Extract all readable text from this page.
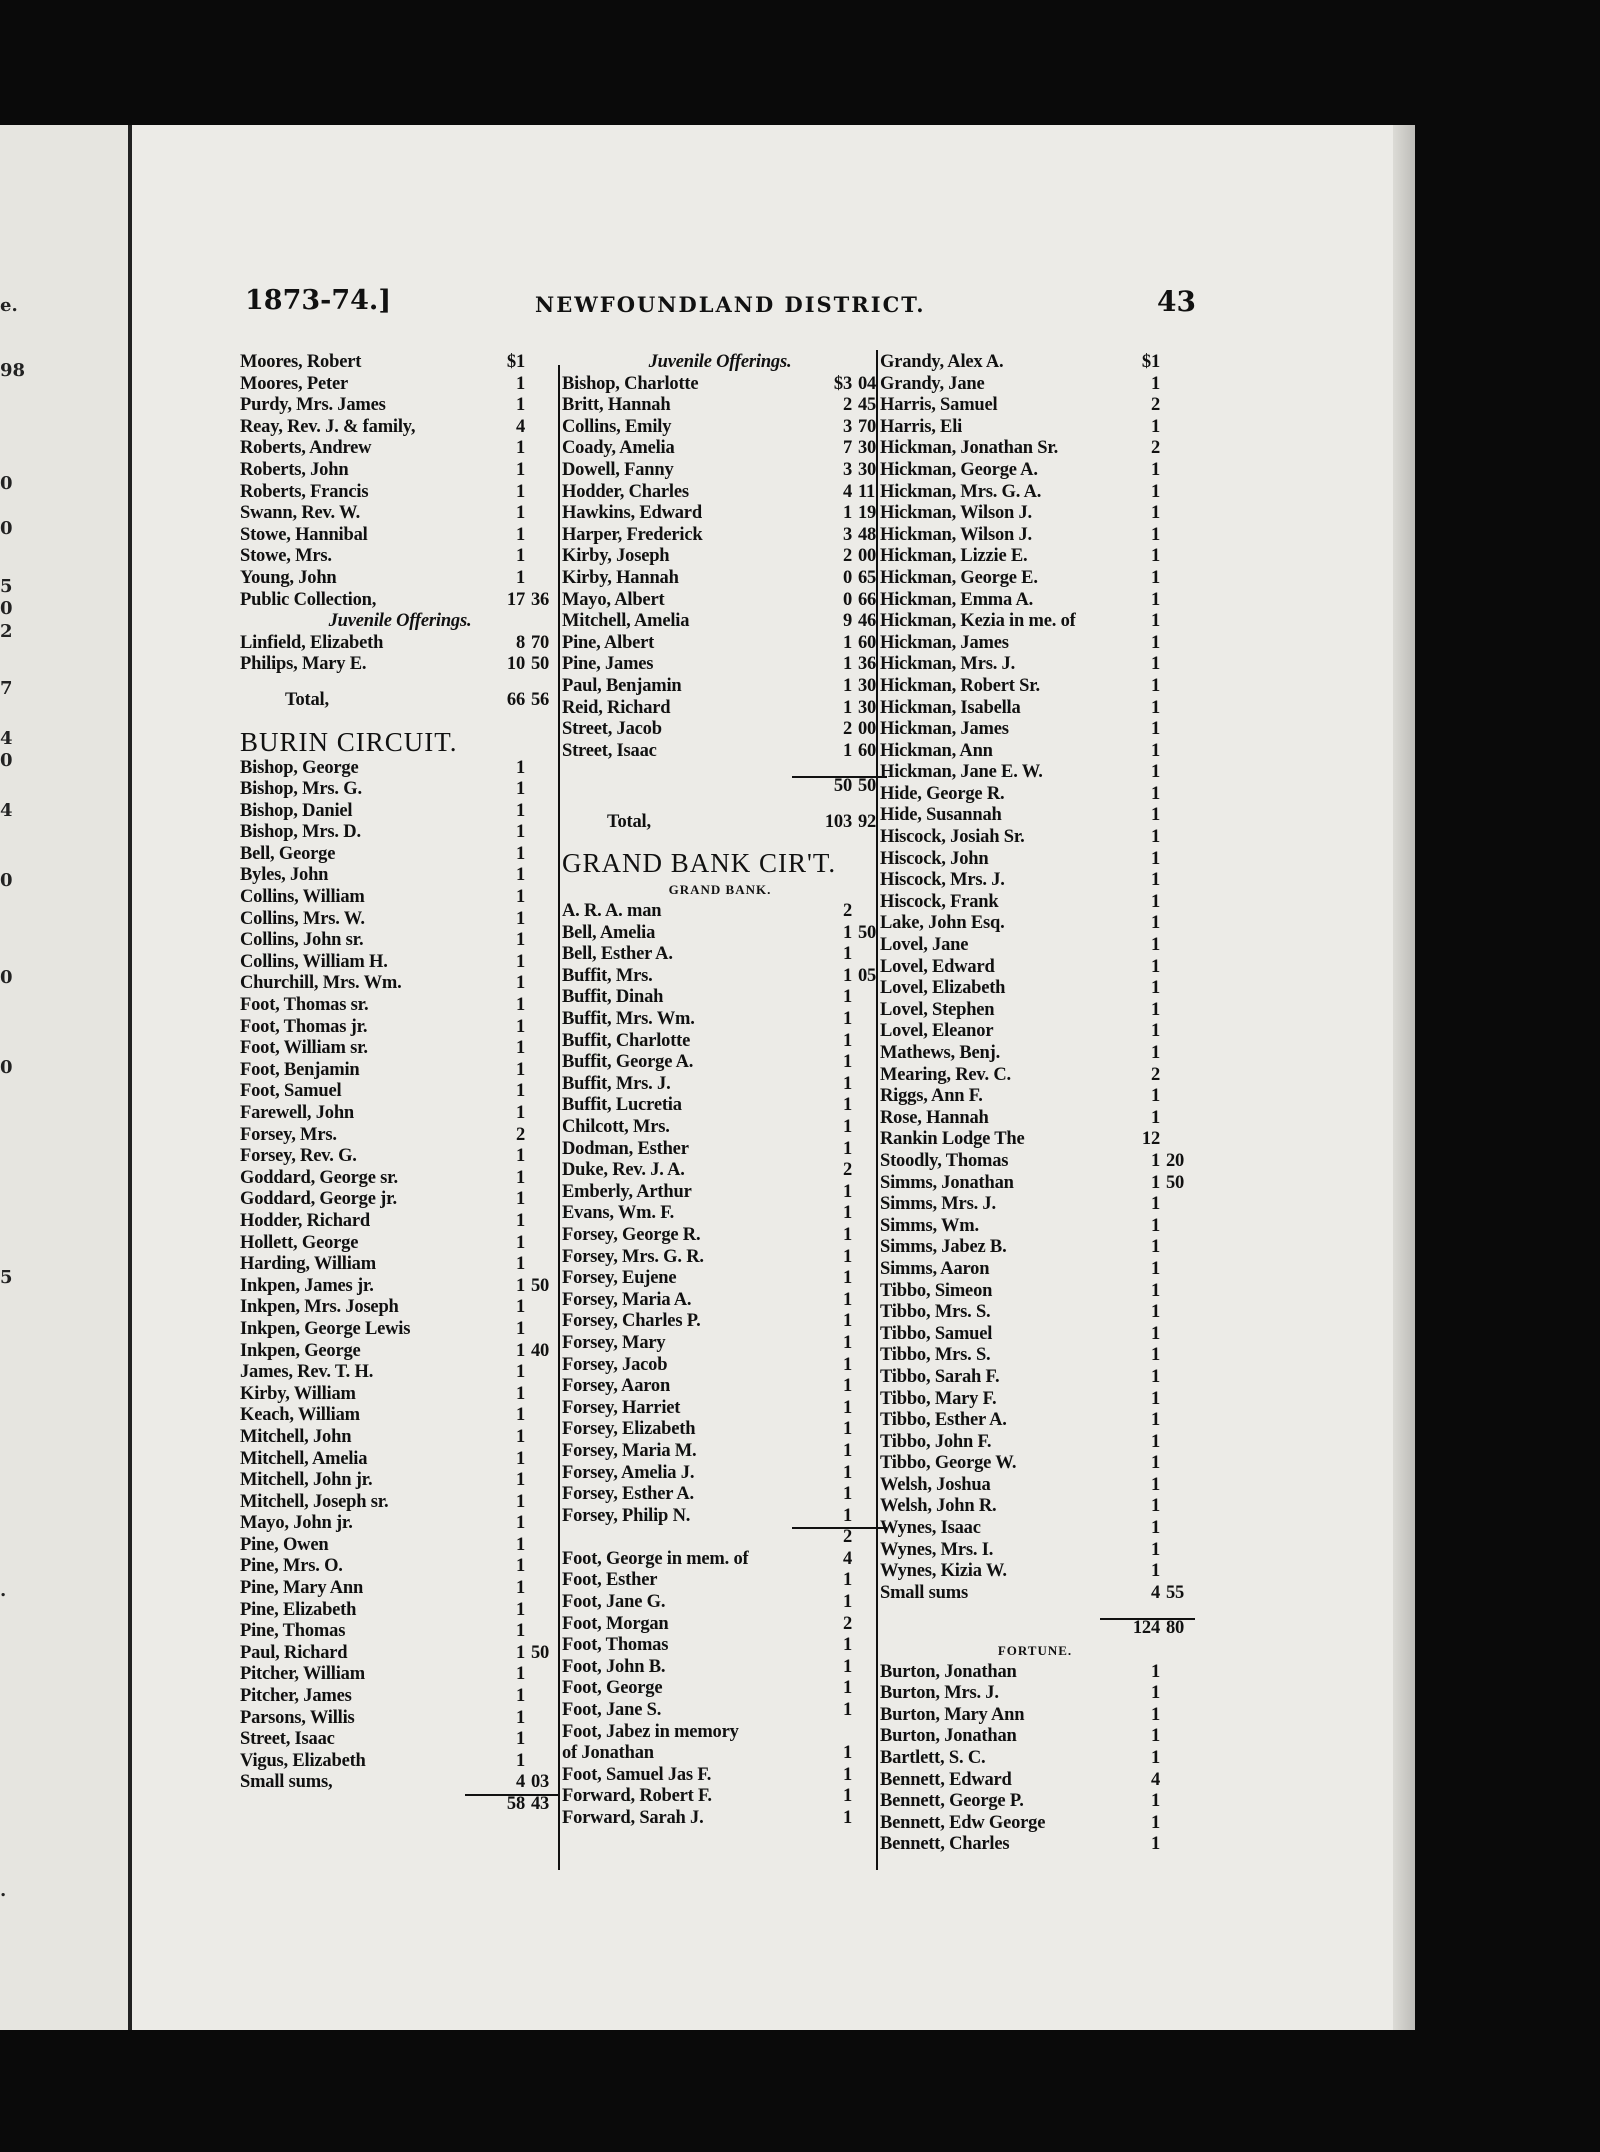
e.
98
0
0
5
0
2
7
4
0
4
0
0
0
5
.
.
1873-74.]	NEWFOUNDLAND DISTRICT.	43
Moores, Robert	$1
Moores, Peter	1
Purdy, Mrs. James	1
Reay, Rev. J. & family,	4
Roberts, Andrew	1
Roberts, John	1
Roberts, Francis	1
Swann, Rev. W.	1
Stowe, Hannibal	1
Stowe, Mrs.	1
Young, John	1
Public Collection,	17 36
Juvenile Offerings.
Linfield, Elizabeth	8 70
Philips, Mary E.	10 50
Total,	66 56
BURIN CIRCUIT.
Bishop, George	1
Bishop, Mrs. G.	1
Bishop, Daniel	1
Bishop, Mrs. D.	1
Bell, George	1
Byles, John	1
Collins, William	1
Collins, Mrs. W.	1
Collins, John sr.	1
Collins, William H.	1
Churchill, Mrs. Wm.	1
Foot, Thomas sr.	1
Foot, Thomas jr.	1
Foot, William sr.	1
Foot, Benjamin	1
Foot, Samuel	1
Farewell, John	1
Forsey, Mrs.	2
Forsey, Rev. G.	1
Goddard, George sr.	1
Goddard, George jr.	1
Hodder, Richard	1
Hollett, George	1
Harding, William	1
Inkpen, James jr.	1 50
Inkpen, Mrs. Joseph	1
Inkpen, George Lewis	1
Inkpen, George	1 40
James, Rev. T. H.	1
Kirby, William	1
Keach, William	1
Mitchell, John	1
Mitchell, Amelia	1
Mitchell, John jr.	1
Mitchell, Joseph sr.	1
Mayo, John jr.	1
Pine, Owen	1
Pine, Mrs. O.	1
Pine, Mary Ann	1
Pine, Elizabeth	1
Pine, Thomas	1
Paul, Richard	1 50
Pitcher, William	1
Pitcher, James	1
Parsons, Willis	1
Street, Isaac	1
Vigus, Elizabeth	1
Small sums,	4 03
58 43
Juvenile Offerings.
Bishop, Charlotte	$3 04
Britt, Hannah	2 45
Collins, Emily	3 70
Coady, Amelia	7 30
Dowell, Fanny	3 30
Hodder, Charles	4 11
Hawkins, Edward	1 19
Harper, Frederick	3 48
Kirby, Joseph	2 00
Kirby, Hannah	0 65
Mayo, Albert	0 66
Mitchell, Amelia	9 46
Pine, Albert	1 60
Pine, James	1 36
Paul, Benjamin	1 30
Reid, Richard	1 30
Street, Jacob	2 00
Street, Isaac	1 60
50 50
Total,	103 92
GRAND BANK CIR'T.
GRAND BANK.
A. R. A. man	2
Bell, Amelia	1 50
Bell, Esther A.	1
Buffit, Mrs.	1 05
Buffit, Dinah	1
Buffit, Mrs. Wm.	1
Buffit, Charlotte	1
Buffit, George A.	1
Buffit, Mrs. J.	1
Buffit, Lucretia	1
Chilcott, Mrs.	1
Dodman, Esther	1
Duke, Rev. J. A.	2
Emberly, Arthur	1
Evans, Wm. F.	1
Forsey, George R.	1
Forsey, Mrs. G. R.	1
Forsey, Eujene	1
Forsey, Maria A.	1
Forsey, Charles P.	1
Forsey, Mary	1
Forsey, Jacob	1
Forsey, Aaron	1
Forsey, Harriet	1
Forsey, Elizabeth	1
Forsey, Maria M.	1
Forsey, Amelia J.	1
Forsey, Esther A.	1
Forsey, Philip N.	1
2
Foot, George in mem. of	4
Foot, Esther	1
Foot, Jane G.	1
Foot, Morgan	2
Foot, Thomas	1
Foot, John B.	1
Foot, George	1
Foot, Jane S.	1
Foot, Jabez in memory
of Jonathan	1
Foot, Samuel Jas F.	1
Forward, Robert F.	1
Forward, Sarah J.	1
Grandy, Alex A.	$1
Grandy, Jane	1
Harris, Samuel	2
Harris, Eli	1
Hickman, Jonathan Sr.	2
Hickman, George A.	1
Hickman, Mrs. G. A.	1
Hickman, Wilson J.	1
Hickman, Wilson J.	1
Hickman, Lizzie E.	1
Hickman, George E.	1
Hickman, Emma A.	1
Hickman, Kezia in me. of	1
Hickman, James	1
Hickman, Mrs. J.	1
Hickman, Robert Sr.	1
Hickman, Isabella	1
Hickman, James	1
Hickman, Ann	1
Hickman, Jane E. W.	1
Hide, George R.	1
Hide, Susannah	1
Hiscock, Josiah Sr.	1
Hiscock, John	1
Hiscock, Mrs. J.	1
Hiscock, Frank	1
Lake, John Esq.	1
Lovel, Jane	1
Lovel, Edward	1
Lovel, Elizabeth	1
Lovel, Stephen	1
Lovel, Eleanor	1
Mathews, Benj.	1
Mearing, Rev. C.	2
Riggs, Ann F.	1
Rose, Hannah	1
Rankin Lodge The	12
Stoodly, Thomas	1 20
Simms, Jonathan	1 50
Simms, Mrs. J.	1
Simms, Wm.	1
Simms, Jabez B.	1
Simms, Aaron	1
Tibbo, Simeon	1
Tibbo, Mrs. S.	1
Tibbo, Samuel	1
Tibbo, Mrs. S.	1
Tibbo, Sarah F.	1
Tibbo, Mary F.	1
Tibbo, Esther A.	1
Tibbo, John F.	1
Tibbo, George W.	1
Welsh, Joshua	1
Welsh, John R.	1
Wynes, Isaac	1
Wynes, Mrs. I.	1
Wynes, Kizia W.	1
Small sums	4 55
124 80
FORTUNE.
Burton, Jonathan	1
Burton, Mrs. J.	1
Burton, Mary Ann	1
Burton, Jonathan	1
Bartlett, S. C.	1
Bennett, Edward	4
Bennett, George P.	1
Bennett, Edw George	1
Bennett, Charles	1
